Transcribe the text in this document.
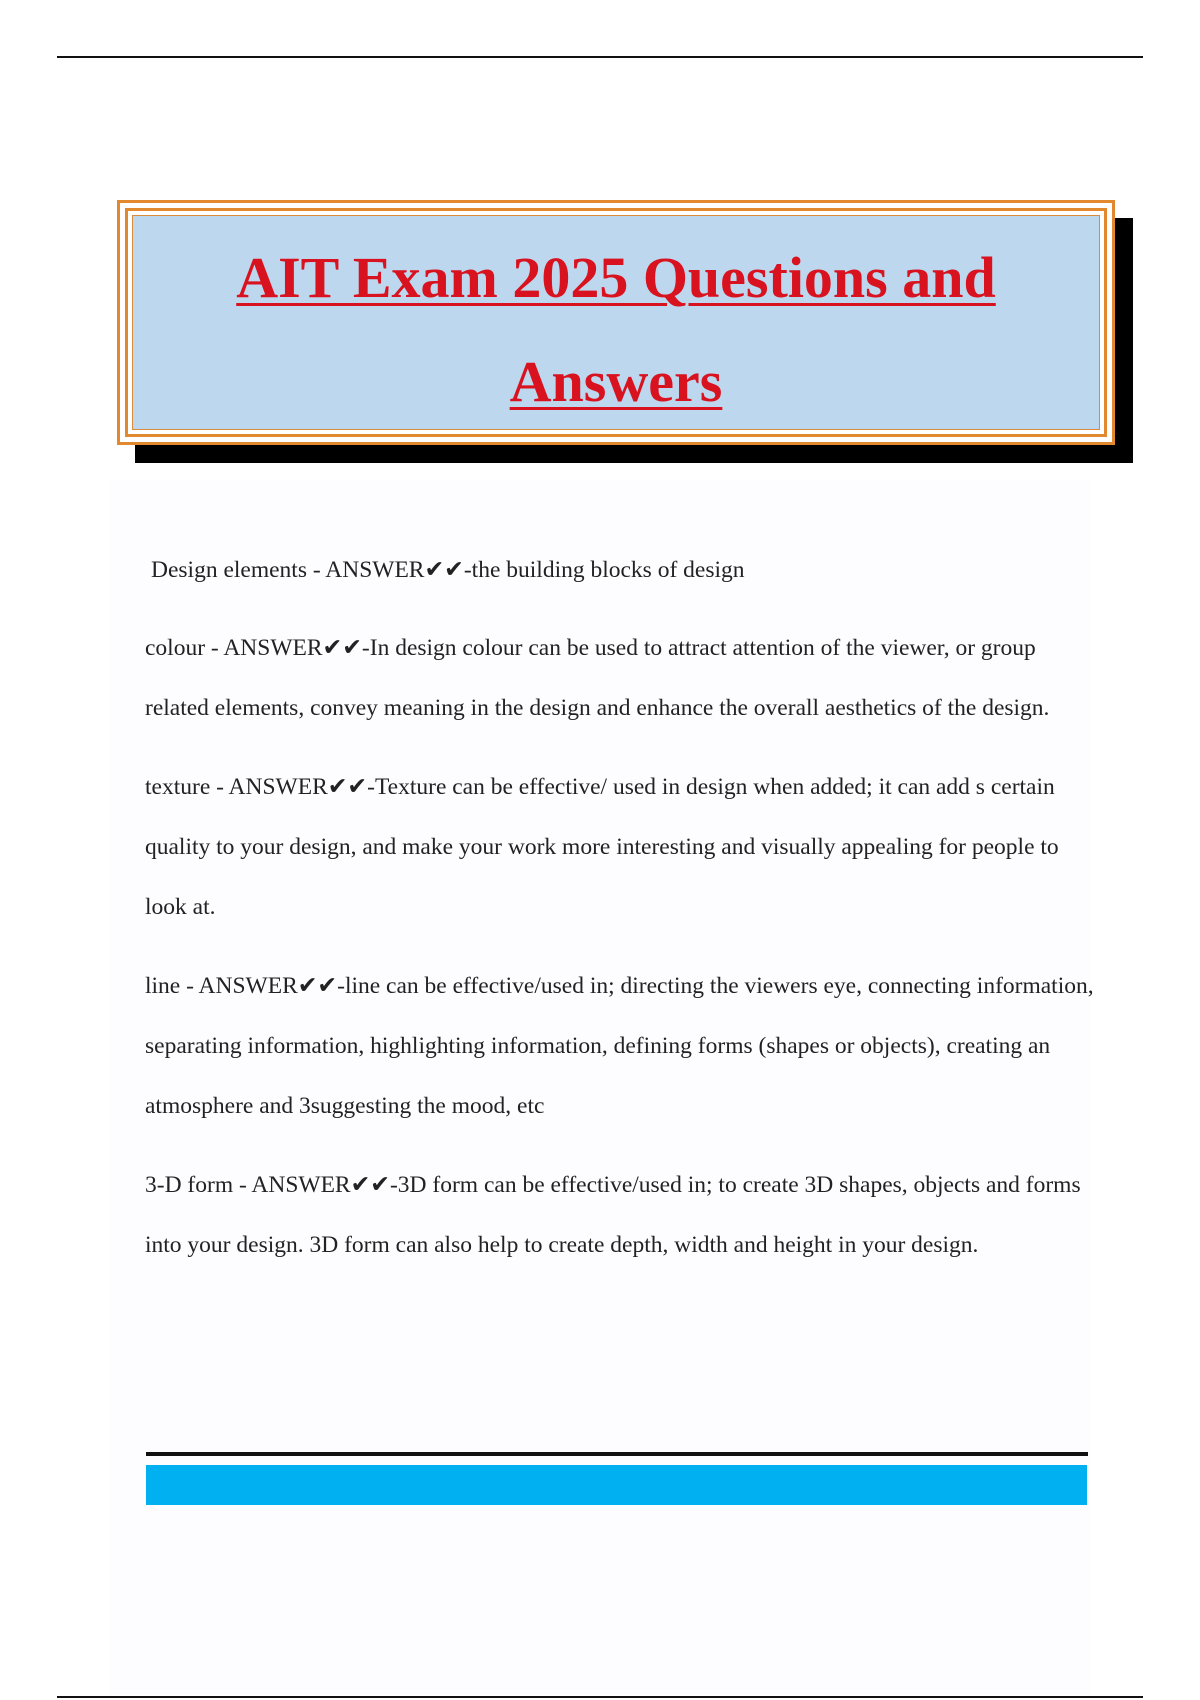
AIT Exam 2025 Questions and
Answers

Design elements - ANSWER✔✔-the building blocks of design

colour - ANSWER✔✔-In design colour can be used to attract attention of the viewer, or group related elements, convey meaning in the design and enhance the overall aesthetics of the design.

texture - ANSWER✔✔-Texture can be effective/ used in design when added; it can add s certain quality to your design, and make your work more interesting and visually appealing for people to look at.

line - ANSWER✔✔-line can be effective/used in; directing the viewers eye, connecting information, separating information, highlighting information, defining forms (shapes or objects), creating an atmosphere and 3suggesting the mood, etc

3-D form - ANSWER✔✔-3D form can be effective/used in; to create 3D shapes, objects and forms into your design. 3D form can also help to create depth, width and height in your design.
